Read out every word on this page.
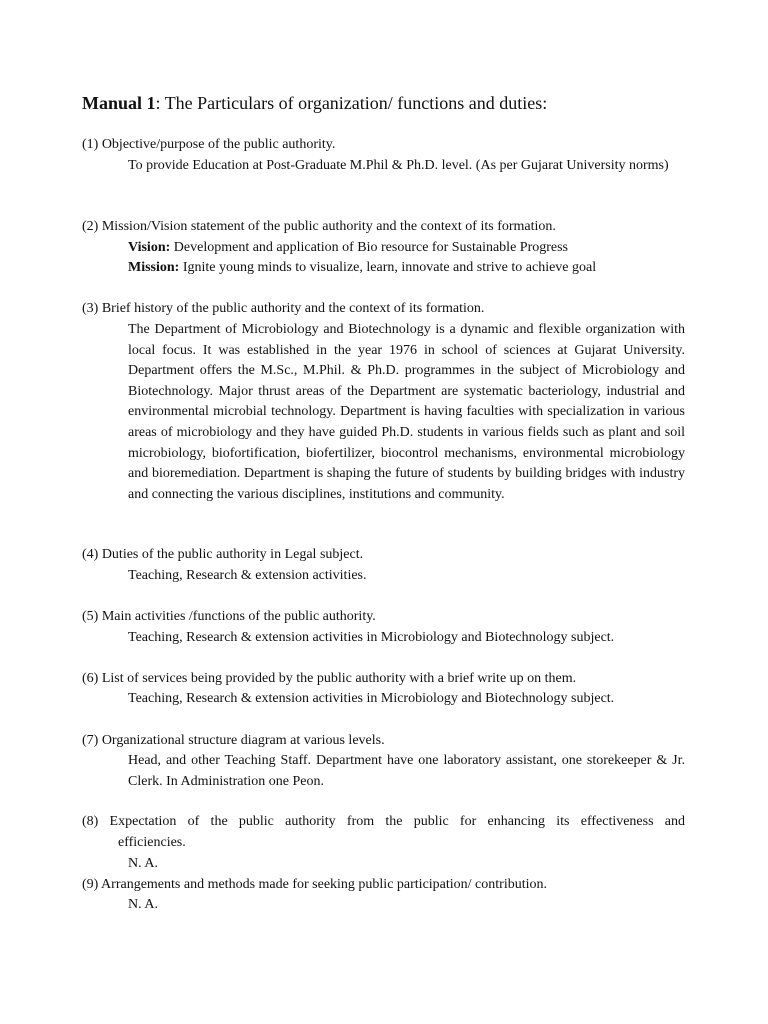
Manual 1: The Particulars of organization/ functions and duties:
(1) Objective/purpose of the public authority.
To provide Education at Post-Graduate M.Phil & Ph.D. level. (As per Gujarat University norms)
(2) Mission/Vision statement of the public authority and the context of its formation.
Vision: Development and application of Bio resource for Sustainable Progress
Mission: Ignite young minds to visualize, learn, innovate and strive to achieve goal
(3) Brief history of the public authority and the context of its formation.
The Department of Microbiology and Biotechnology is a dynamic and flexible organization with local focus. It was established in the year 1976 in school of sciences at Gujarat University. Department offers the M.Sc., M.Phil. & Ph.D. programmes in the subject of Microbiology and Biotechnology. Major thrust areas of the Department are systematic bacteriology, industrial and environmental microbial technology. Department is having faculties with specialization in various areas of microbiology and they have guided Ph.D. students in various fields such as plant and soil microbiology, biofortification, biofertilizer, biocontrol mechanisms, environmental microbiology and bioremediation. Department is shaping the future of students by building bridges with industry and connecting the various disciplines, institutions and community.
(4) Duties of the public authority in Legal subject.
Teaching, Research & extension activities.
(5) Main activities /functions of the public authority.
Teaching, Research & extension activities in Microbiology and Biotechnology subject.
(6) List of services being provided by the public authority with a brief write up on them.
Teaching, Research & extension activities in Microbiology and Biotechnology subject.
(7) Organizational structure diagram at various levels.
Head, and other Teaching Staff. Department have one laboratory assistant, one storekeeper & Jr. Clerk. In Administration one Peon.
(8) Expectation of the public authority from the public for enhancing its effectiveness and
efficiencies.
N. A.
(9) Arrangements and methods made for seeking public participation/ contribution.
N. A.
